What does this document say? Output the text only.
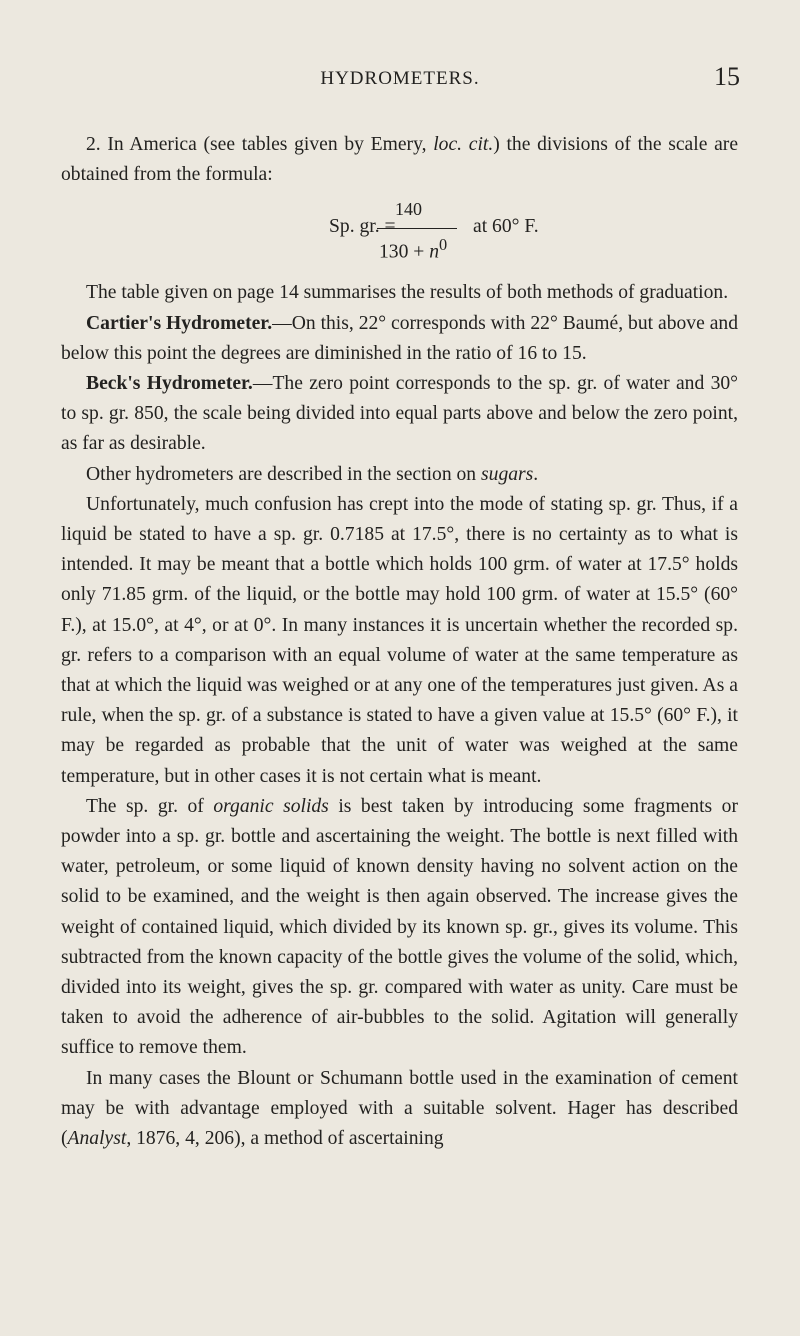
HYDROMETERS.	15

2. In America (see tables given by Emery, loc. cit.) the divisions of the scale are obtained from the formula:

Sp. gr. =
140
$130 + n^0$
at 60° F.

The table given on page 14 summarises the results of both methods of graduation.

Cartier's Hydrometer.—On this, 22° corresponds with 22° Baumé, but above and below this point the degrees are diminished in the ratio of 16 to 15.

Beck's Hydrometer.—The zero point corresponds to the sp. gr. of water and 30° to sp. gr. 850, the scale being divided into equal parts above and below the zero point, as far as desirable.

Other hydrometers are described in the section on sugars.

Unfortunately, much confusion has crept into the mode of stating sp. gr. Thus, if a liquid be stated to have a sp. gr. 0.7185 at 17.5°, there is no certainty as to what is intended. It may be meant that a bottle which holds 100 grm. of water at 17.5° holds only 71.85 grm. of the liquid, or the bottle may hold 100 grm. of water at 15.5° (60° F.), at 15.0°, at 4°, or at 0°. In many instances it is uncertain whether the recorded sp. gr. refers to a comparison with an equal volume of water at the same temperature as that at which the liquid was weighed or at any one of the temperatures just given. As a rule, when the sp. gr. of a substance is stated to have a given value at 15.5° (60° F.), it may be regarded as probable that the unit of water was weighed at the same temperature, but in other cases it is not certain what is meant.

The sp. gr. of organic solids is best taken by introducing some fragments or powder into a sp. gr. bottle and ascertaining the weight. The bottle is next filled with water, petroleum, or some liquid of known density having no solvent action on the solid to be examined, and the weight is then again observed. The increase gives the weight of contained liquid, which divided by its known sp. gr., gives its volume. This subtracted from the known capacity of the bottle gives the volume of the solid, which, divided into its weight, gives the sp. gr. compared with water as unity. Care must be taken to avoid the adherence of air-bubbles to the solid. Agitation will generally suffice to remove them.

In many cases the Blount or Schumann bottle used in the examination of cement may be with advantage employed with a suitable solvent. Hager has described (Analyst, 1876, 4, 206), a method of ascertaining
